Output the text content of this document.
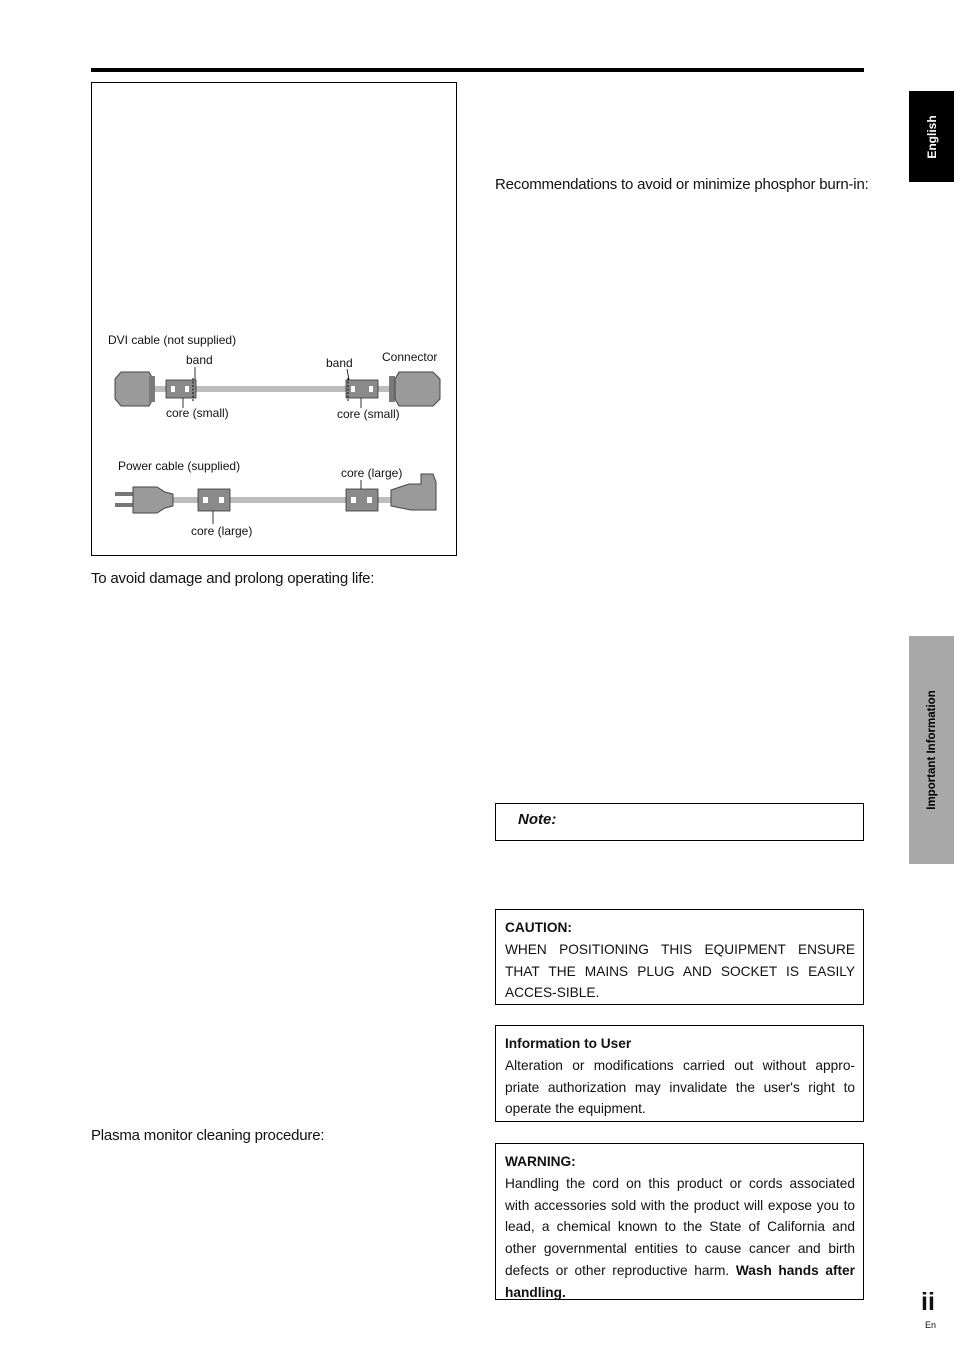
English
Important Information
DVI cable (not supplied)
band	band Connector
core (small)	core (small)
Power cable (supplied)	core (large)
core (large)
To avoid damage and prolong operating life:
Plasma monitor cleaning procedure:
Recommendations to avoid or minimize phosphor burn-in:
Note:
CAUTION:
WHEN POSITIONING THIS EQUIPMENT ENSURE THAT THE MAINS PLUG AND SOCKET IS EASILY ACCES-SIBLE.
Information to User
Alteration or modifications carried out without appro-priate authorization may invalidate the user's right to operate the equipment.
WARNING:
Handling the cord on this product or cords associated with accessories sold with the product will expose you to lead, a chemical known to the State of California and other governmental entities to cause cancer and birth defects or other reproductive harm. Wash hands after handling.	ii
En
